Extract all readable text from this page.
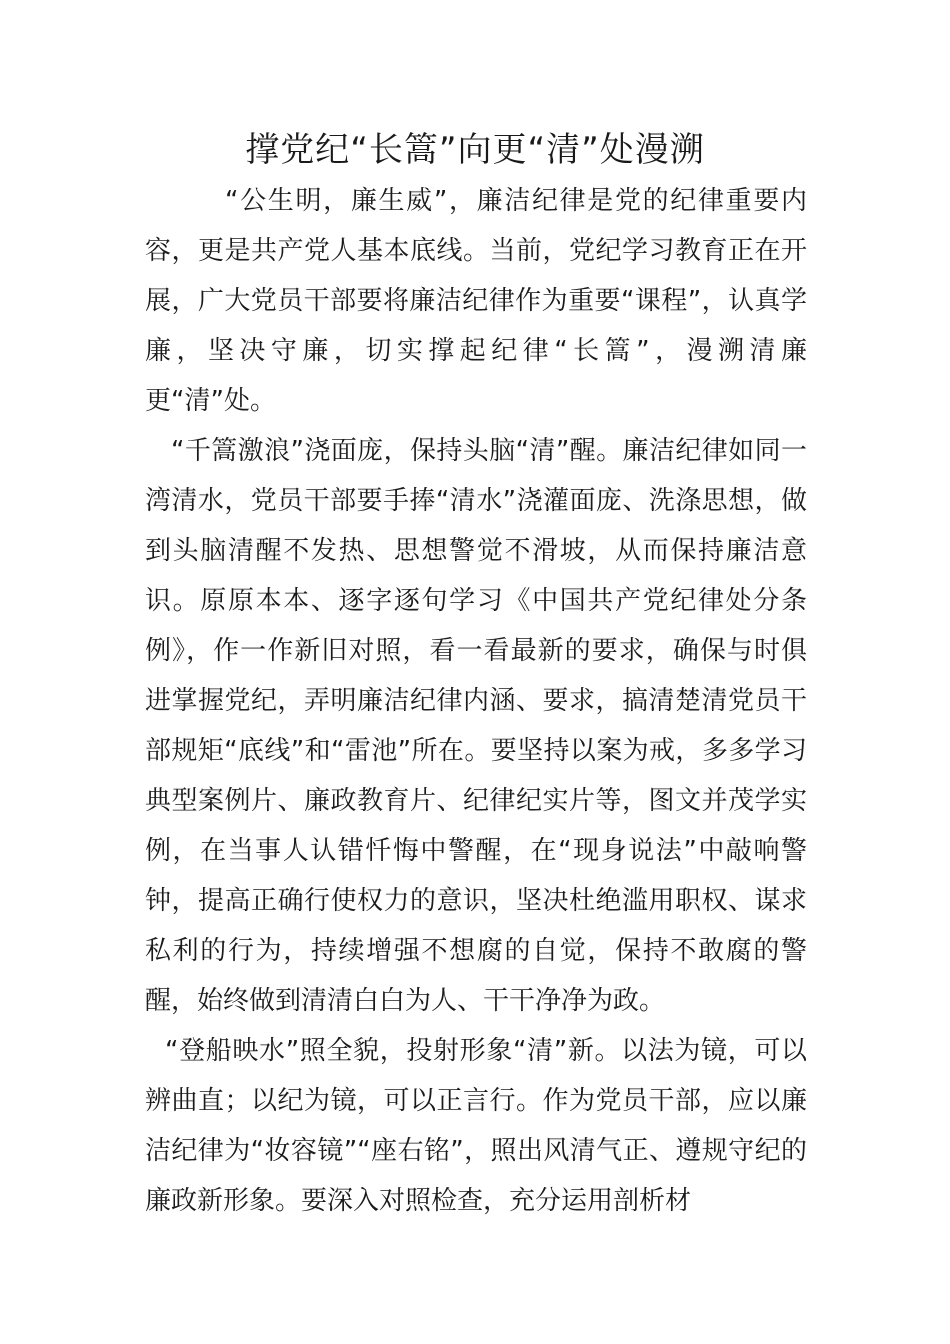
撑党纪“长篙”向更“清”处漫溯

“公生明，廉生威”，廉洁纪律是党的纪律重要内容，更是共产党人基本底线。当前，党纪学习教育正在开展，广大党员干部要将廉洁纪律作为重要“课程”，认真学廉，坚决守廉，切实撑起纪律“长篙”，漫溯清廉更“清”处。

“千篙激浪”浇面庞，保持头脑“清”醒。廉洁纪律如同一湾清水，党员干部要手捧“清水”浇灌面庞、洗涤思想，做到头脑清醒不发热、思想警觉不滑坡，从而保持廉洁意识。原原本本、逐字逐句学习《中国共产党纪律处分条例》，作一作新旧对照，看一看最新的要求，确保与时俱进掌握党纪，弄明廉洁纪律内涵、要求，搞清楚清党员干部规矩“底线”和“雷池”所在。要坚持以案为戒，多多学习典型案例片、廉政教育片、纪律纪实片等，图文并茂学实例，在当事人认错忏悔中警醒，在“现身说法”中敲响警钟，提高正确行使权力的意识，坚决杜绝滥用职权、谋求私利的行为，持续增强不想腐的自觉，保持不敢腐的警醒，始终做到清清白白为人、干干净净为政。

“登船映水”照全貌，投射形象“清”新。以法为镜，可以辨曲直；以纪为镜，可以正言行。作为党员干部，应以廉洁纪律为“妆容镜”“座右铭”，照出风清气正、遵规守纪的廉政新形象。要深入对照检查，充分运用剖析材
